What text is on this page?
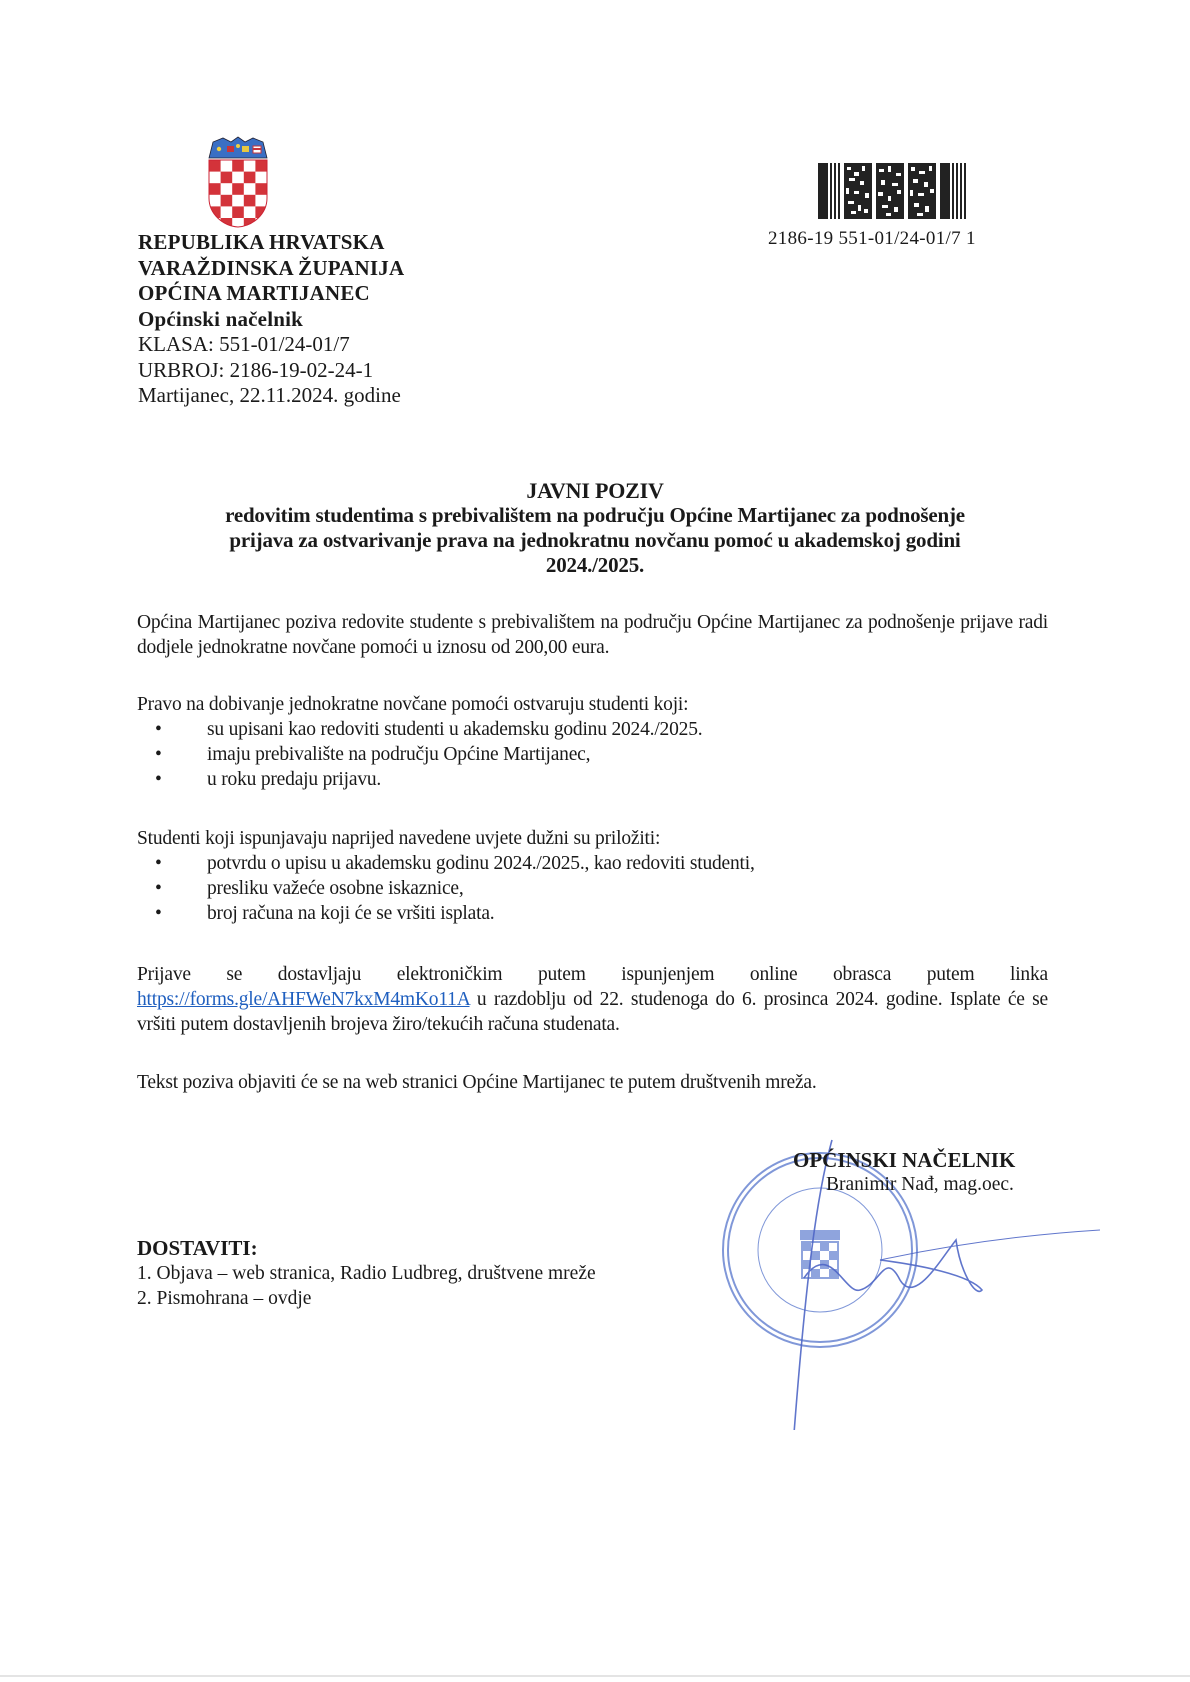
REPUBLIKA HRVATSKA
VARAŽDINSKA ŽUPANIJA
OPĆINA MARTIJANEC
Općinski načelnik
KLASA: 551-01/24-01/7
URBROJ: 2186-19-02-24-1
Martijanec, 22.11.2024. godine
2186-19 551-01/24-01/7 1
JAVNI POZIV
redovitim studentima s prebivalištem na području Općine Martijanec za podnošenje
prijava za ostvarivanje prava na jednokratnu novčanu pomoć u akademskoj godini
2024./2025.
Općina Martijanec poziva redovite studente s prebivalištem na području Općine Martijanec za podnošenje prijave radi dodjele jednokratne novčane pomoći u iznosu od 200,00 eura.
Pravo na dobivanje jednokratne novčane pomoći ostvaruju studenti koji:
• su upisani kao redoviti studenti u akademsku godinu 2024./2025.
• imaju prebivalište na području Općine Martijanec,
• u roku predaju prijavu.
Studenti koji ispunjavaju naprijed navedene uvjete dužni su priložiti:
• potvrdu o upisu u akademsku godinu 2024./2025., kao redoviti studenti,
• presliku važeće osobne iskaznice,
• broj računa na koji će se vršiti isplata.
Prijave se dostavljaju elektroničkim putem ispunjenjem online obrasca putem linka https://forms.gle/AHFWeN7kxM4mKo11A u razdoblju od 22. studenoga do 6. prosinca 2024. godine. Isplate će se vršiti putem dostavljenih brojeva žiro/tekućih računa studenata.
Tekst poziva objaviti će se na web stranici Općine Martijanec te putem društvenih mreža.
OPĆINSKI NAČELNIK
Branimir Nađ, mag.oec.
DOSTAVITI:
1. Objava – web stranica, Radio Ludbreg, društvene mreže
2. Pismohrana – ovdje
